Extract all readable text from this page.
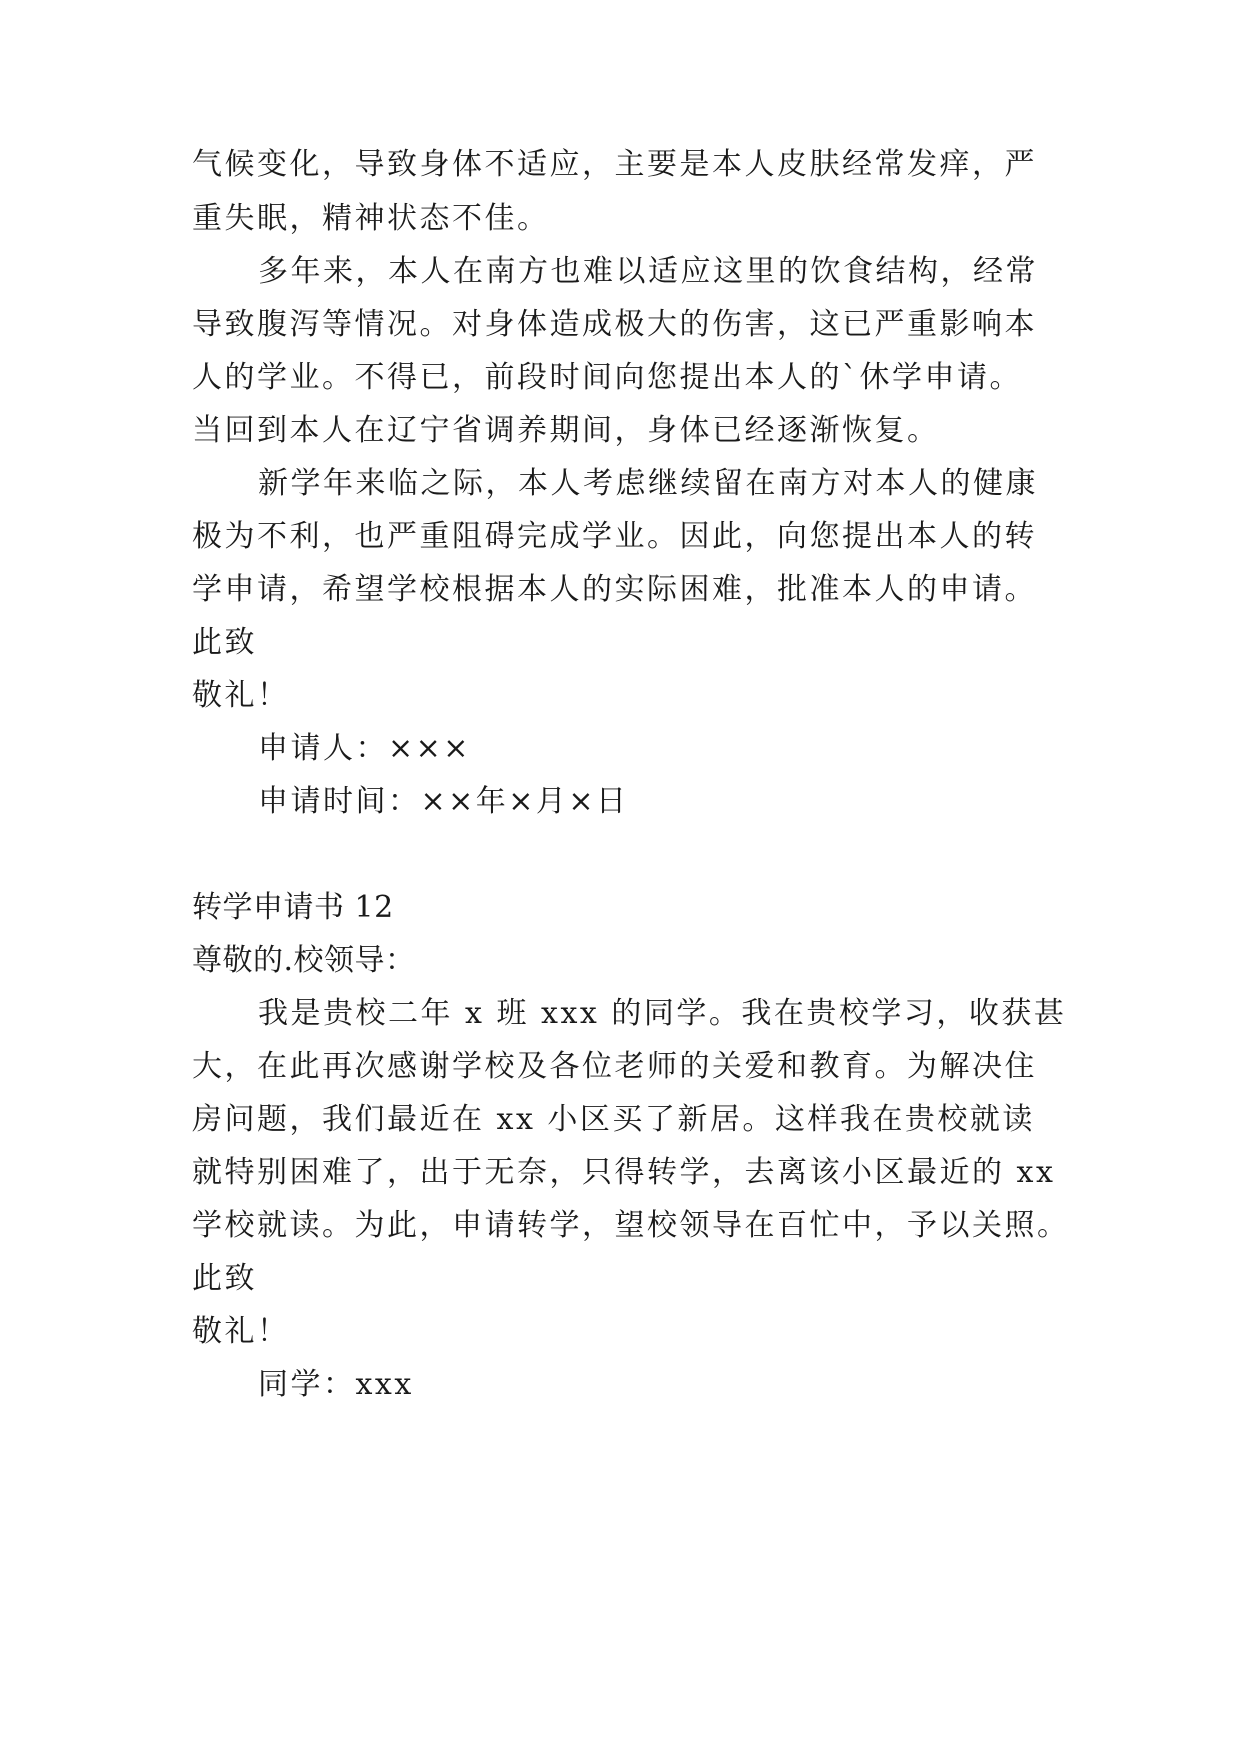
气候变化，导致身体不适应，主要是本人皮肤经常发痒，严
重失眠，精神状态不佳。
多年来，本人在南方也难以适应这里的饮食结构，经常
导致腹泻等情况。对身体造成极大的伤害，这已严重影响本
人的学业。不得已，前段时间向您提出本人的`休学申请。
当回到本人在辽宁省调养期间，身体已经逐渐恢复。
新学年来临之际，本人考虑继续留在南方对本人的健康
极为不利，也严重阻碍完成学业。因此，向您提出本人的转
学申请，希望学校根据本人的实际困难，批准本人的申请。
此致
敬礼！
申请人：×××
申请时间：××年×月×日
转学申请书 12
尊敬的.校领导：
我是贵校二年 x 班 xxx 的同学。我在贵校学习，收获甚
大，在此再次感谢学校及各位老师的关爱和教育。为解决住
房问题，我们最近在 xx 小区买了新居。这样我在贵校就读
就特别困难了，出于无奈，只得转学，去离该小区最近的 xx
学校就读。为此，申请转学，望校领导在百忙中，予以关照。
此致
敬礼！
同学：xxx
